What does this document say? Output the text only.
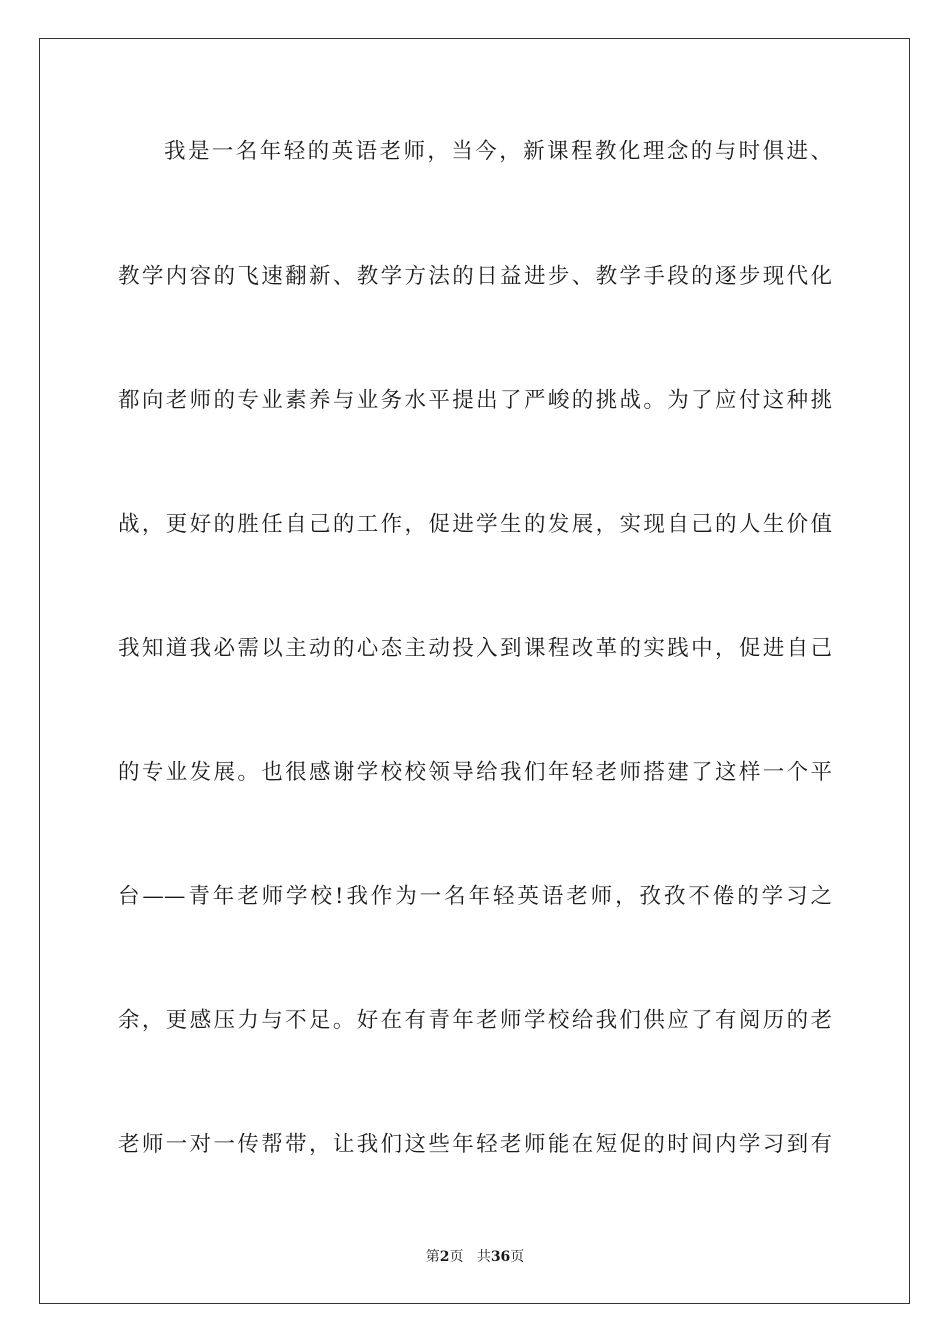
我是一名年轻的英语老师，当今，新课程教化理念的与时俱进、
教学内容的飞速翻新、教学方法的日益进步、教学手段的逐步现代化
都向老师的专业素养与业务水平提出了严峻的挑战。为了应付这种挑
战，更好的胜任自己的工作，促进学生的发展，实现自己的人生价值
我知道我必需以主动的心态主动投入到课程改革的实践中，促进自己
的专业发展。也很感谢学校校领导给我们年轻老师搭建了这样一个平
台——青年老师学校!我作为一名年轻英语老师，孜孜不倦的学习之
余，更感压力与不足。好在有青年老师学校给我们供应了有阅历的老
老师一对一传帮带，让我们这些年轻老师能在短促的时间内学习到有
第2页 共36页
